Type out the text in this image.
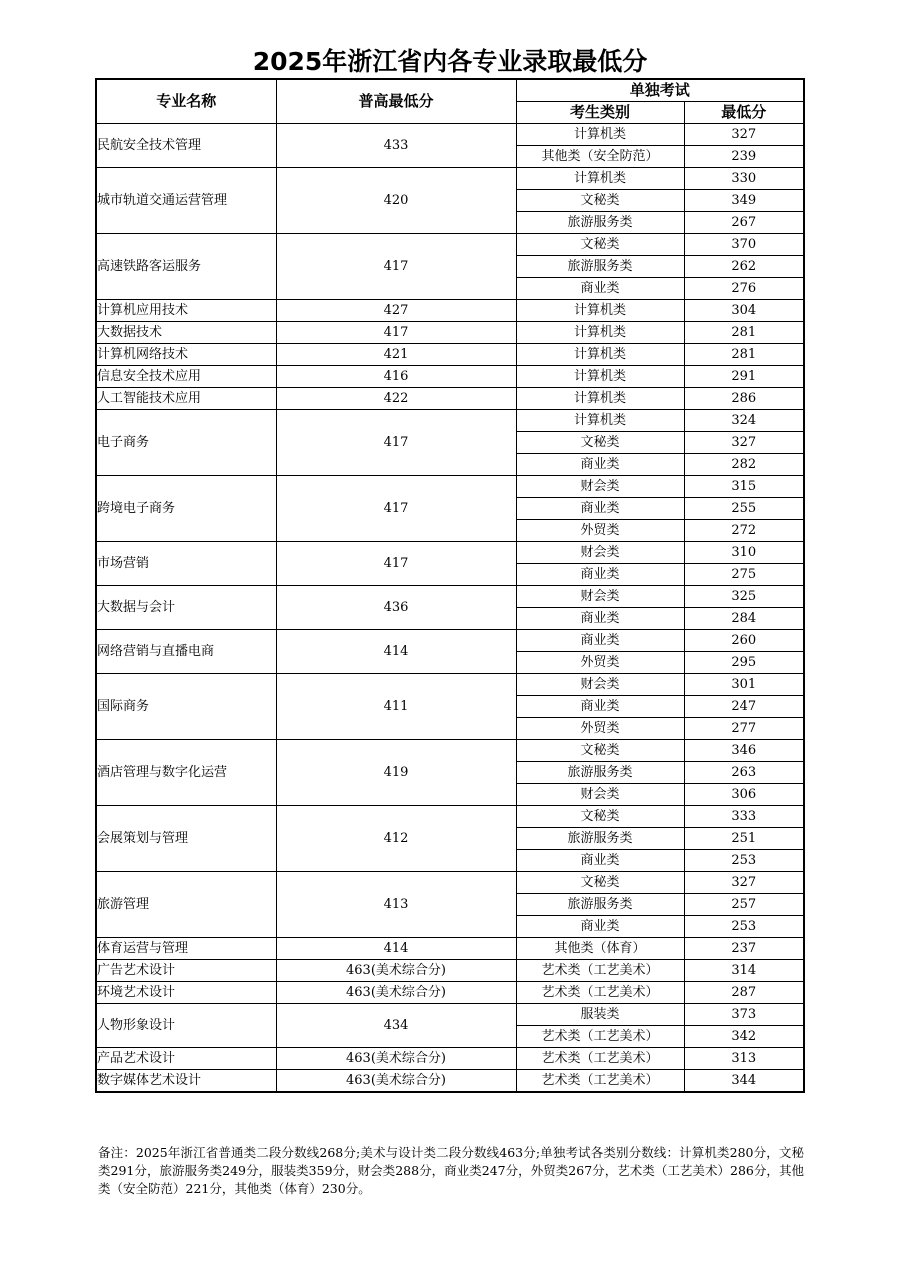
2025年浙江省内各专业录取最低分
专业名称	普高最低分	单独考试	
		考生类别	最低分
民航安全技术管理	433	计算机类	327
		其他类（安全防范）	239
城市轨道交通运营管理	420	计算机类	330
		文秘类	349
		旅游服务类	267
高速铁路客运服务	417	文秘类	370
		旅游服务类	262
		商业类	276
计算机应用技术	427	计算机类	304
大数据技术	417	计算机类	281
计算机网络技术	421	计算机类	281
信息安全技术应用	416	计算机类	291
人工智能技术应用	422	计算机类	286
电子商务	417	计算机类	324
		文秘类	327
		商业类	282
跨境电子商务	417	财会类	315
		商业类	255
		外贸类	272
市场营销	417	财会类	310
		商业类	275
大数据与会计	436	财会类	325
		商业类	284
网络营销与直播电商	414	商业类	260
		外贸类	295
国际商务	411	财会类	301
		商业类	247
		外贸类	277
酒店管理与数字化运营	419	文秘类	346
		旅游服务类	263
		财会类	306
会展策划与管理	412	文秘类	333
		旅游服务类	251
		商业类	253
旅游管理	413	文秘类	327
		旅游服务类	257
		商业类	253
体育运营与管理	414	其他类（体育）	237
广告艺术设计	463(美术综合分)	艺术类（工艺美术）	314
环境艺术设计	463(美术综合分)	艺术类（工艺美术）	287
人物形象设计	434	服装类	373
		艺术类（工艺美术）	342
产品艺术设计	463(美术综合分)	艺术类（工艺美术）	313
数字媒体艺术设计	463(美术综合分)	艺术类（工艺美术）	344
备注：2025年浙江省普通类二段分数线268分;美术与设计类二段分数线463分;单独考试各类别分数线：计算机类280分，文秘类291分，旅游服务类249分，服装类359分，财会类288分，商业类247分，外贸类267分，艺术类（工艺美术）286分，其他类（安全防范）221分，其他类（体育）230分。
